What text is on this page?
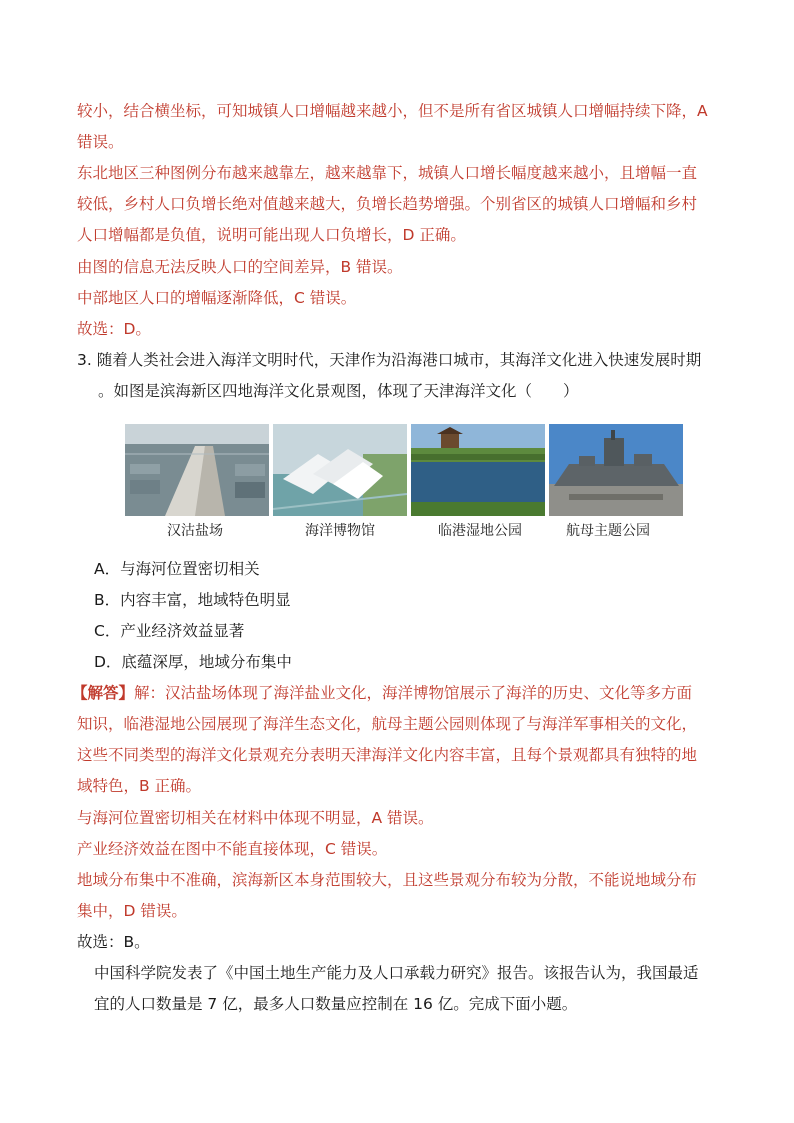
较小，结合横坐标，可知城镇人口增幅越来越小，但不是所有省区城镇人口增幅持续下降，A
错误。
东北地区三种图例分布越来越靠左，越来越靠下，城镇人口增长幅度越来越小，且增幅一直
较低，乡村人口负增长绝对值越来越大，负增长趋势增强。个别省区的城镇人口增幅和乡村
人口增幅都是负值，说明可能出现人口负增长，D 正确。
由图的信息无法反映人口的空间差异，B 错误。
中部地区人口的增幅逐渐降低，C 错误。
故选：D。
3. 随着人类社会进入海洋文明时代，天津作为沿海港口城市，其海洋文化进入快速发展时期
。如图是滨海新区四地海洋文化景观图，体现了天津海洋文化（　　）
汉沽盐场	海洋博物馆	临港湿地公园	航母主题公园
A．与海河位置密切相关
B．内容丰富，地域特色明显
C．产业经济效益显著
D．底蕴深厚，地域分布集中
【解答】解：汉沽盐场体现了海洋盐业文化，海洋博物馆展示了海洋的历史、文化等多方面
知识，临港湿地公园展现了海洋生态文化，航母主题公园则体现了与海洋军事相关的文化，
这些不同类型的海洋文化景观充分表明天津海洋文化内容丰富，且每个景观都具有独特的地
域特色，B 正确。
与海河位置密切相关在材料中体现不明显，A 错误。
产业经济效益在图中不能直接体现，C 错误。
地域分布集中不准确，滨海新区本身范围较大，且这些景观分布较为分散，不能说地域分布
集中，D 错误。
故选：B。
中国科学院发表了《中国土地生产能力及人口承载力研究》报告。该报告认为，我国最适
宜的人口数量是 7 亿，最多人口数量应控制在 16 亿。完成下面小题。
